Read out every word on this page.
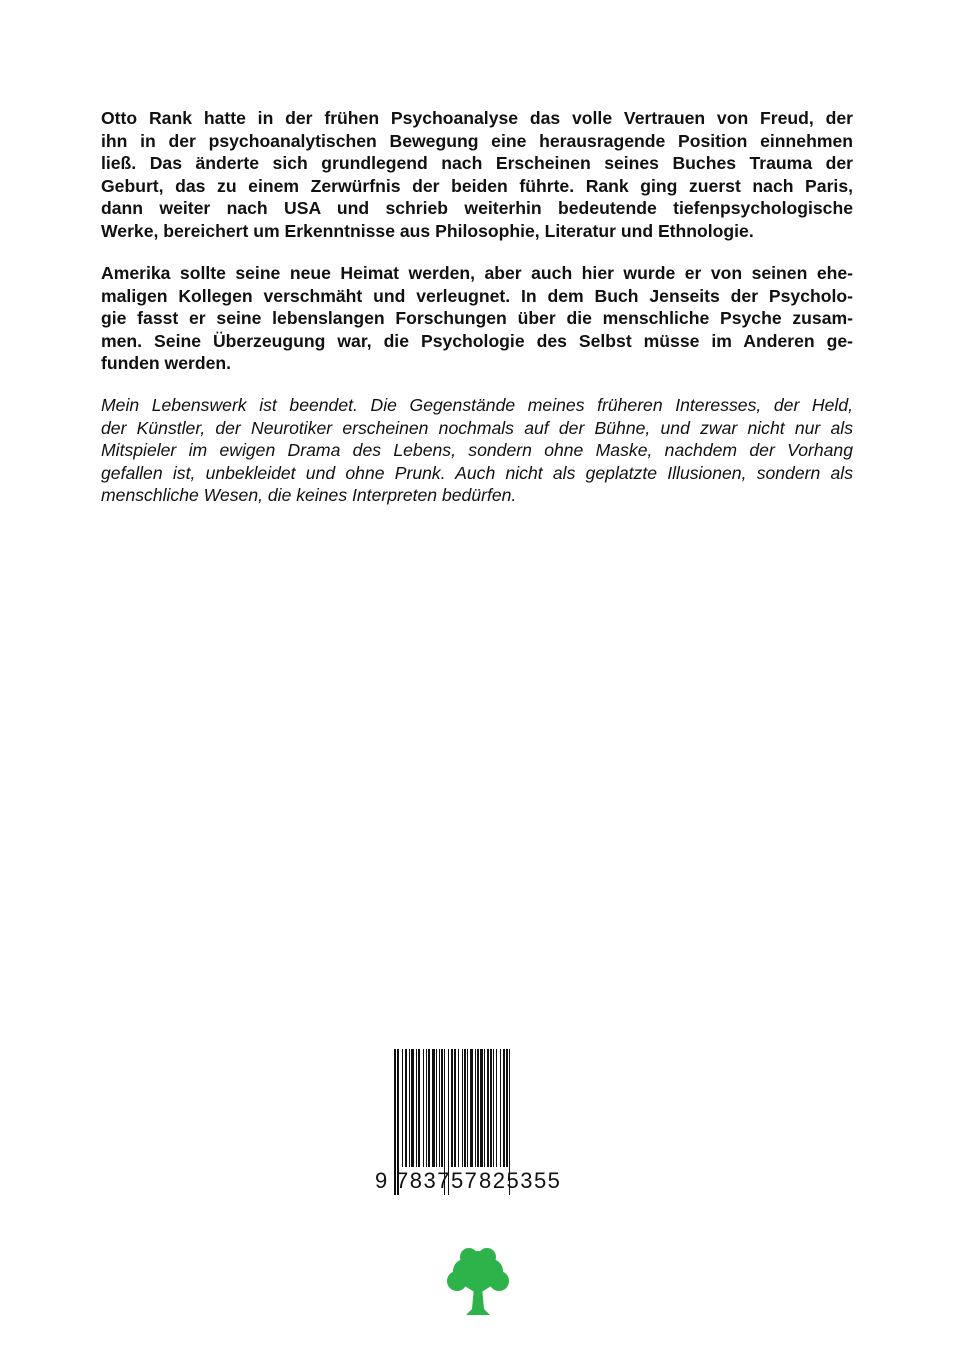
Otto Rank hatte in der frühen Psychoanalyse das volle Vertrauen von Freud, der
ihn in der psychoanalytischen Bewegung eine herausragende Position einnehmen
ließ. Das änderte sich grundlegend nach Erscheinen seines Buches Trauma der
Geburt, das zu einem Zerwürfnis der beiden führte. Rank ging zuerst nach Paris,
dann weiter nach USA und schrieb weiterhin bedeutende tiefenpsychologische
Werke, bereichert um Erkenntnisse aus Philosophie, Literatur und Ethnologie.

Amerika sollte seine neue Heimat werden, aber auch hier wurde er von seinen ehe-
maligen Kollegen verschmäht und verleugnet. In dem Buch Jenseits der Psycholo-
gie fasst er seine lebenslangen Forschungen über die menschliche Psyche zusam-
men. Seine Überzeugung war, die Psychologie des Selbst müsse im Anderen ge-
funden werden.

Mein Lebenswerk ist beendet. Die Gegenstände meines früheren Interesses, der Held,
der Künstler, der Neurotiker erscheinen nochmals auf der Bühne, und zwar nicht nur als
Mitspieler im ewigen Drama des Lebens, sondern ohne Maske, nachdem der Vorhang
gefallen ist, unbekleidet und ohne Prunk. Auch nicht als geplatzte Illusionen, sondern als
menschliche Wesen, die keines Interpreten bedürfen.

9 783757 825355
